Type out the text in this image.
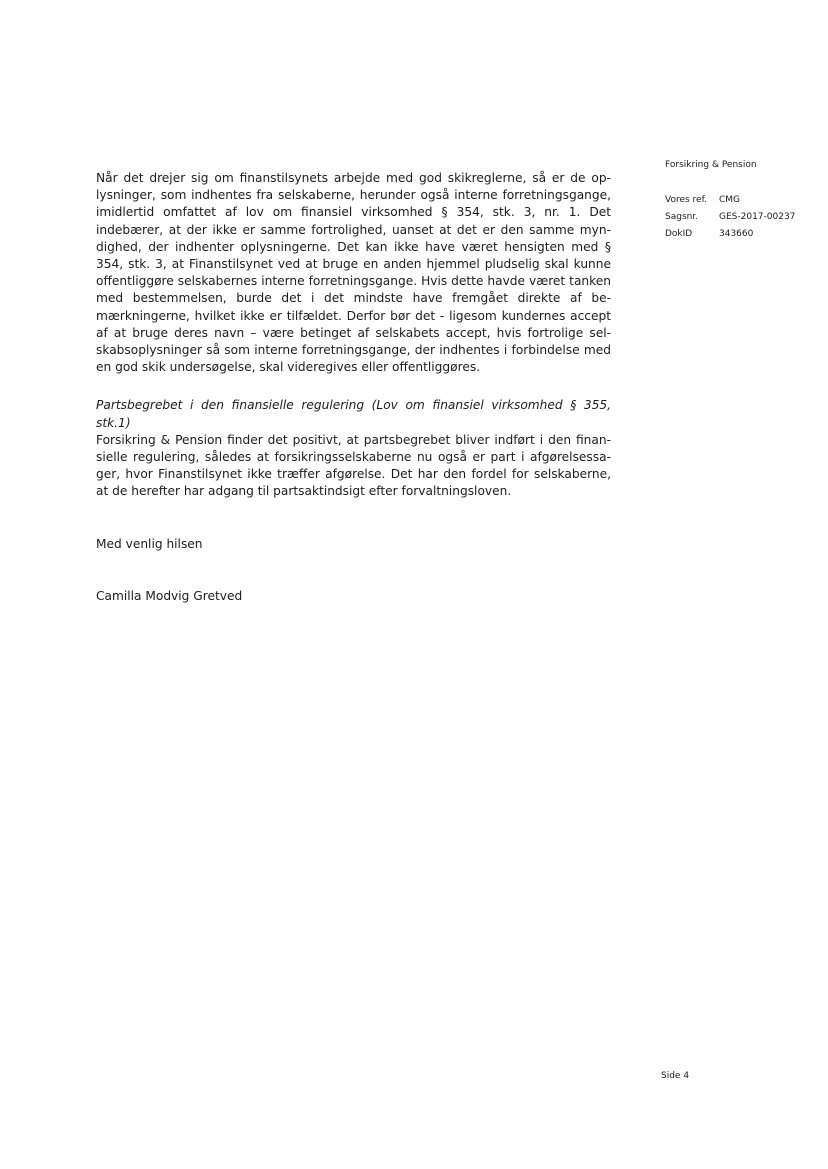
Forsikring & Pension
Vores ref.	CMG
Sagsnr.	GES-2017-00237
DokID	343660

Når det drejer sig om finanstilsynets arbejde med god skikreglerne, så er de oplysninger, som indhentes fra selskaberne, herunder også interne forretningsgange, imidlertid omfattet af lov om finansiel virksomhed § 354, stk. 3, nr. 1. Det indebærer, at der ikke er samme fortrolighed, uanset at det er den samme myndighed, der indhenter oplysningerne. Det kan ikke have været hensigten med § 354, stk. 3, at Finanstilsynet ved at bruge en anden hjemmel pludselig skal kunne offentliggøre selskabernes interne forretningsgange. Hvis dette havde været tanken med bestemmelsen, burde det i det mindste have fremgået direkte af bemærkningerne, hvilket ikke er tilfældet. Derfor bør det - ligesom kundernes accept af at bruge deres navn – være betinget af selskabets accept, hvis fortrolige selskabsoplysninger så som interne forretningsgange, der indhentes i forbindelse med en god skik undersøgelse, skal videregives eller offentliggøres.

Partsbegrebet i den finansielle regulering (Lov om finansiel virksomhed § 355, stk.1)

Forsikring & Pension finder det positivt, at partsbegrebet bliver indført i den finansielle regulering, således at forsikringsselskaberne nu også er part i afgørelsessager, hvor Finanstilsynet ikke træffer afgørelse. Det har den fordel for selskaberne, at de herefter har adgang til partsaktindsigt efter forvaltningsloven.

Med venlig hilsen

Camilla Modvig Gretved

Side 4
